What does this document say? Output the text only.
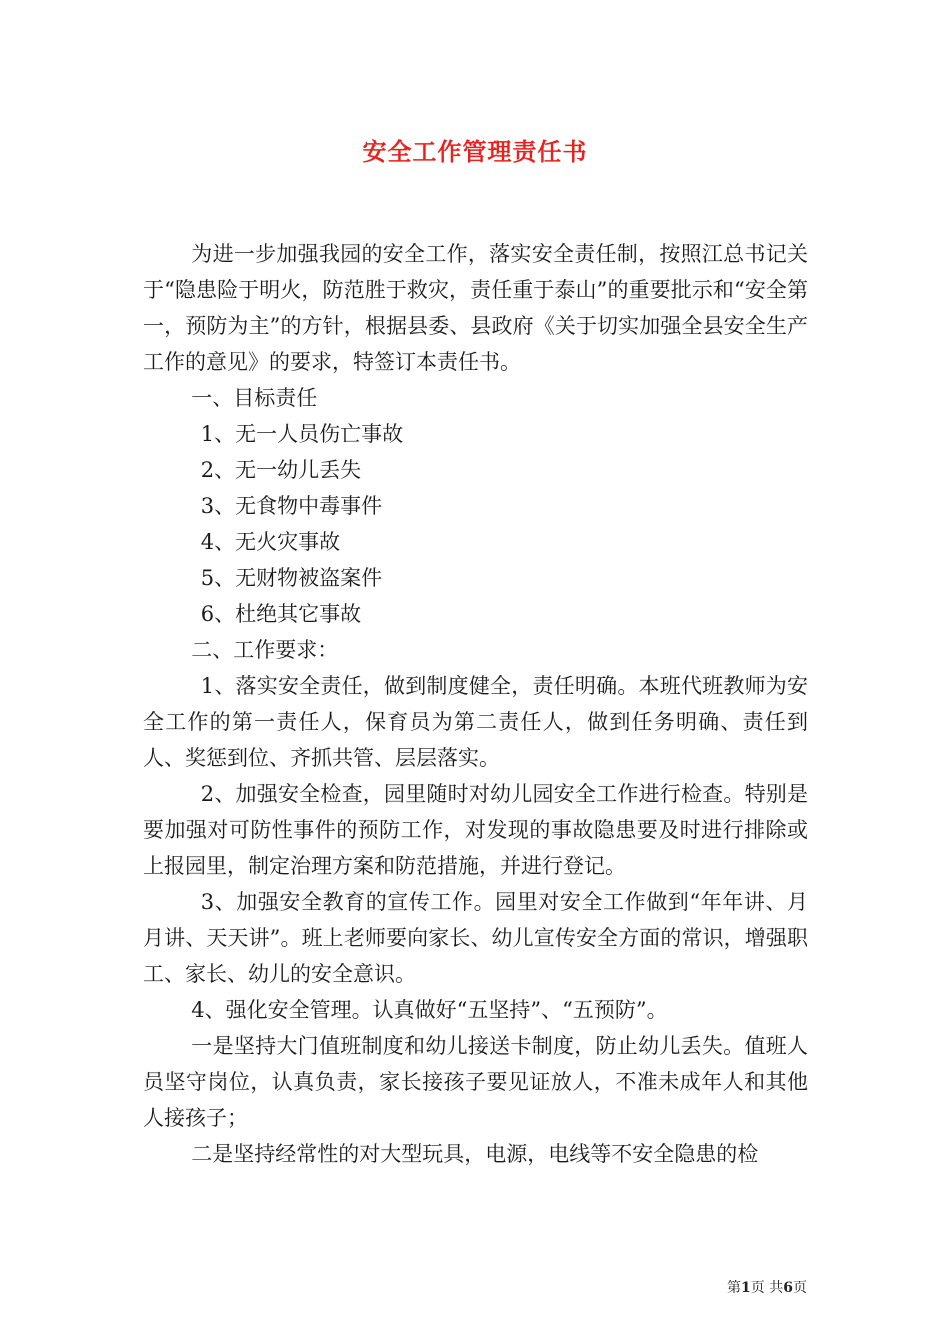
安全工作管理责任书

为进一步加强我园的安全工作，落实安全责任制，按照江总书记关于“隐患险于明火，防范胜于救灾，责任重于泰山”的重要批示和“安全第一，预防为主”的方针，根据县委、县政府《关于切实加强全县安全生产工作的意见》的要求，特签订本责任书。

一、目标责任

1、无一人员伤亡事故

2、无一幼儿丢失

3、无食物中毒事件

4、无火灾事故

5、无财物被盗案件

6、杜绝其它事故

二、工作要求：

1、落实安全责任，做到制度健全，责任明确。本班代班教师为安全工作的第一责任人，保育员为第二责任人，做到任务明确、责任到人、奖惩到位、齐抓共管、层层落实。

2、加强安全检查，园里随时对幼儿园安全工作进行检查。特别是要加强对可防性事件的预防工作，对发现的事故隐患要及时进行排除或上报园里，制定治理方案和防范措施，并进行登记。

3、加强安全教育的宣传工作。园里对安全工作做到“年年讲、月月讲、天天讲”。班上老师要向家长、幼儿宣传安全方面的常识，增强职工、家长、幼儿的安全意识。

4、强化安全管理。认真做好“五坚持”、“五预防”。

一是坚持大门值班制度和幼儿接送卡制度，防止幼儿丢失。值班人员坚守岗位，认真负责，家长接孩子要见证放人，不准未成年人和其他人接孩子；

二是坚持经常性的对大型玩具，电源，电线等不安全隐患的检

第1页 共6页
